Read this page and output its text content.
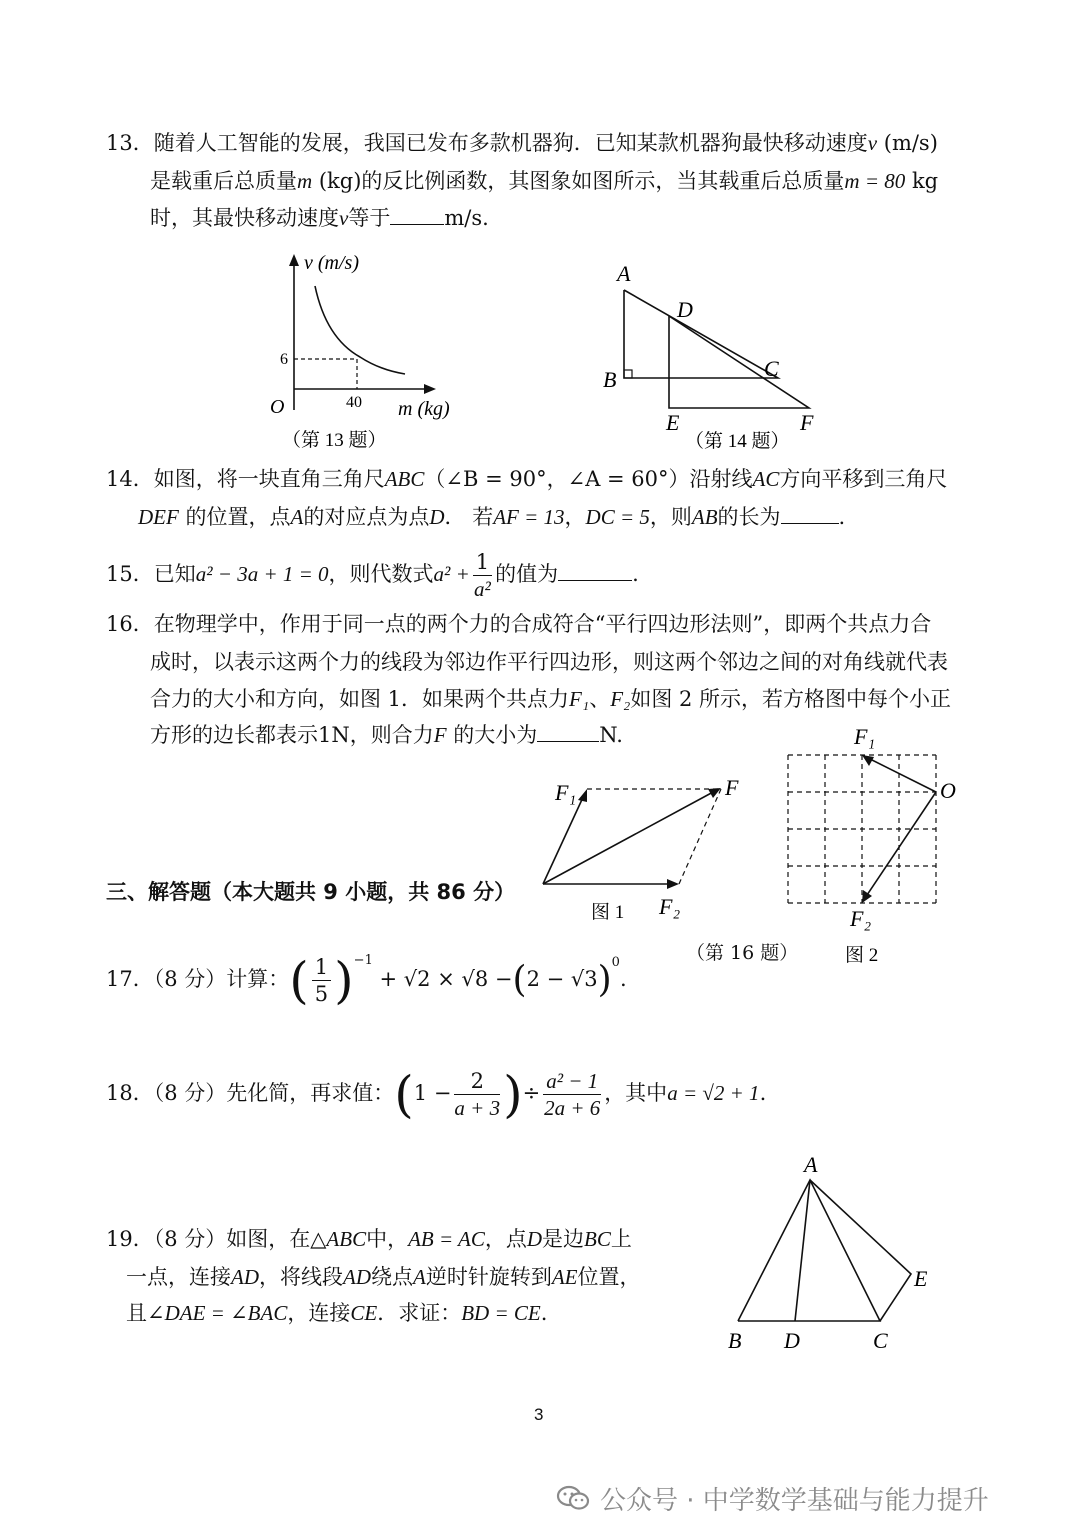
13．随着人工智能的发展，我国已发布多款机器狗．已知某款机器狗最快移动速度v (m/s)
是载重后总质量m (kg)的反比例函数，其图象如图所示，当其载重后总质量m = 80 kg
时，其最快移动速度v等于	m/s.
v (m/s)
6
40
O	m (kg)
（第 13 题）
A
D
B	C
E	F
（第 14 题）
14．如图，将一块直角三角尺ABC（∠B = 90°，∠A = 60°）沿射线AC方向平移到三角尺
DEF 的位置，点A的对应点为点D． 若AF = 13，DC = 5，则AB的长为	.
15．已知a² − 3a + 1 = 0，则代数式$a^2 + \frac{1}{\text{a²}}$ 的值为	.
16．在物理学中，作用于同一点的两个力的合成符合“平行四边形法则”，即两个共点力合
成时，以表示这两个力的线段为邻边作平行四边形，则这两个邻边之间的对角线就代表
合力的大小和方向，如图 1．如果两个共点力F₁、F₂如图 2 所示，若方格图中每个小正
方形的边长都表示1N，则合力F 的大小为	N.
F₁	F
F₂
图 1
F₁
O
F₂
图 2
（第 16 题）
三、解答题（本大题共 9 小题，共 86 分）
17．（8 分）计算：( $\frac{1}{5} )^{-1} + √2 \times √8 -(2 - √3)^0$.
18．（8 分）先化简，再求值：($1 - \frac{2}{a + 3}$ )÷ $\frac{\text{a² − 1}}{2a + 6}$ ，其中a = √2 + 1.
19．（8 分）如图，在△ABC中，AB = AC，点D是边BC上
一点，连接AD，将线段AD绕点A逆时针旋转到AE位置，
且∠DAE = ∠BAC，连接CE．求证：BD = CE.
A
B D	C
E
3
公众号 · 中学数学基础与能力提升
